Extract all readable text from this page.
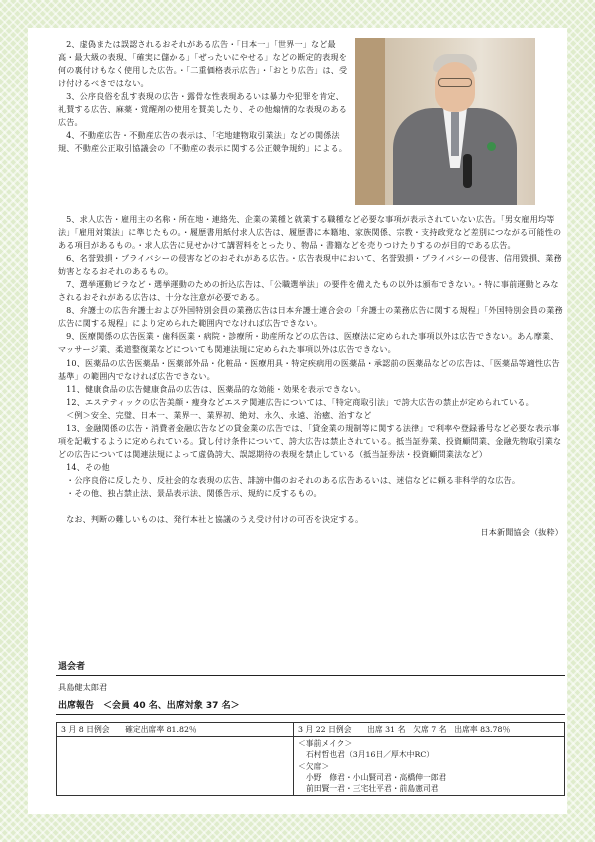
2、虚偽または誤認されるおそれがある広告・「日本一」「世界一」など最高・最大級の表現、「確実に儲かる」「ぜったいにやせる」などの断定的表現を何の裏付けもなく使用した広告。・「二重価格表示広告」・「おとり広告」は、受け付けるべきではない。

3、公序良俗を乱す表現の広告・露骨な性表現あるいは暴力や犯罪を肯定、礼賛する広告、麻薬・覚醒剤の使用を賛美したり、その他煽情的な表現のある広告。

4、不動産広告・不動産広告の表示は、「宅地建物取引業法」などの関係法規、不動産公正取引協議会の「不動産の表示に関する公正競争規約」による。

5、求人広告・雇用主の名称・所在地・連絡先、企業の業種と就業する職種など必要な事項が表示されていない広告。「男女雇用均等法」「雇用対策法」に準じたもの。・履歴書用紙付求人広告は、履歴書に本籍地、家族関係、宗教・支持政党など差別につながる可能性のある項目があるもの。・求人広告に見せかけて講習料をとったり、物品・書籍などを売りつけたりするのが目的である広告。

6、名誉毀損・プライバシーの侵害などのおそれがある広告。・広告表現中において、名誉毀損・プライバシーの侵害、信用毀損、業務妨害となるおそれのあるもの。

7、選挙運動ビラなど・選挙運動のための折込広告は、「公職選挙法」の要件を備えたもの以外は頒布できない。・特に事前運動とみなされるおそれがある広告は、十分な注意が必要である。

8、弁護士の広告弁護士および外国特別会員の業務広告は日本弁護士連合会の「弁護士の業務広告に関する規程」「外国特別会員の業務広告に関する規程」により定められた範囲内でなければ広告できない。

9、医療関係の広告医業・歯科医業・病院・診療所・助産所などの広告は、医療法に定められた事項以外は広告できない。あん摩業、マッサージ業、柔道整復業などについても関連法規に定められた事項以外は広告できない。

10、医薬品の広告医薬品・医薬部外品・化粧品・医療用具・特定疾病用の医薬品・承認前の医薬品などの広告は、「医薬品等適性広告基準」の範囲内でなければ広告できない。

11、健康食品の広告健康食品の広告は、医薬品的な効能・効果を表示できない。

12、エステティックの広告美顔・痩身などエステ関連広告については、「特定商取引法」で誇大広告の禁止が定められている。

＜例＞安全、完璧、日本一、業界一、業界初、絶対、永久、永遠、治癒、治すなど

13、金融関係の広告・消費者金融広告などの貸金業の広告では、「貸金業の規制等に関する法律」で利率や登録番号など必要な表示事項を記載するように定められている。貸し付け条件について、誇大広告は禁止されている。抵当証券業、投資顧問業、金融先物取引業などの広告については関連法規によって虚偽誇大、誤認期待の表現を禁止している（抵当証券法・投資顧問業法など）

14、その他

・公序良俗に反したり、反社会的な表現の広告、誹謗中傷のおそれのある広告あるいは、迷信などに頼る非科学的な広告。

・その他、独占禁止法、景品表示法、関係告示、規約に反するもの。

なお、判断の難しいものは、発行本社と協議のうえ受け付けの可否を決定する。

日本新聞協会（抜粋）

退会者
具島健太郎君
出席報告　＜会員 40 名、出席対象 37 名＞
3 月 8 日例会　　確定出席率 81.82％	3 月 22 日例会　　出席 31 名　欠席 7 名　出席率 83.78％

	＜事前メイク＞
石村哲也君（3月16日／厚木中RC）
＜欠席＞
小野　修君・小山賢司君・高橋伸一郎君
前田賢一君・三宅壮平君・前島憲司君
